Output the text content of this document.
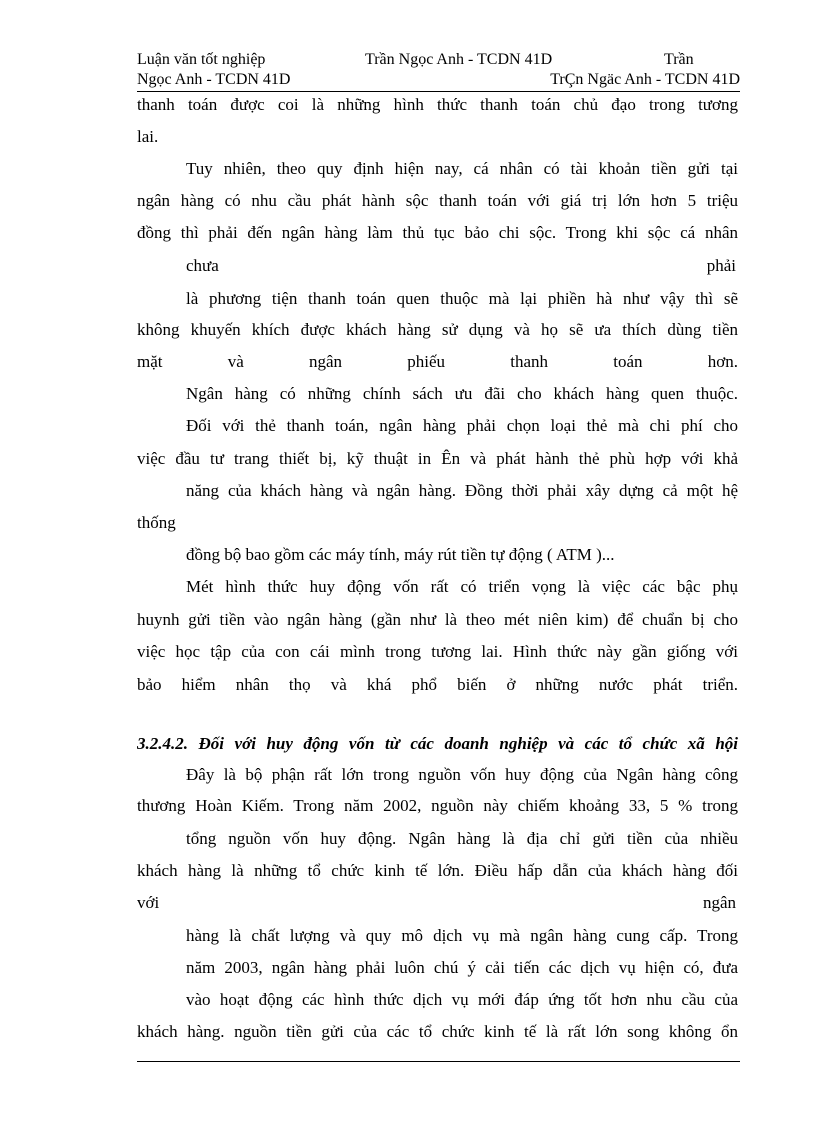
Luận văn tốt nghiệp	Trần Ngọc Anh - TCDN 41D	Trần
Ngọc Anh - TCDN 41D	TrÇn Ngäc Anh - TCDN 41D
thanh toán được coi là những hình thức thanh toán chủ đạo trong tương
lai.
Tuy nhiên, theo quy định hiện nay, cá nhân có tài khoản tiền gửi tại
ngân hàng có nhu cầu phát hành sộc thanh toán với giá trị lớn hơn 5 triệu
đồng thì phải đến ngân hàng làm thủ tục bảo chi sộc. Trong khi sộc cá nhân
chưa	phải
là phương tiện thanh toán quen thuộc mà lại phiền hà như vậy thì sẽ
không khuyến khích được khách hàng sử dụng và họ sẽ ưa thích dùng tiền
mặt và ngân phiếu thanh toán hơn.
Ngân hàng có những chính sách ưu đãi cho khách hàng quen thuộc.
Đối với thẻ thanh toán, ngân hàng phải chọn loại thẻ mà chi phí cho
việc đầu tư trang thiết bị, kỹ thuật in Ên và phát hành thẻ phù hợp với khả
năng của khách hàng và ngân hàng. Đồng thời phải xây dựng cả một hệ
thống
đồng bộ bao gồm các máy tính, máy rút tiền tự động ( ATM )...
Mét hình thức huy động vốn rất có triển vọng là việc các bậc phụ
huynh gửi tiền vào ngân hàng (gần như là theo mét niên kim) để chuẩn bị cho
việc học tập của con cái mình trong tương lai. Hình thức này gần giống với
bảo hiểm nhân thọ và khá phổ biến ở những nước phát triển.
3.2.4.2. Đối với huy động vốn từ các doanh nghiệp và các tổ chức xã hội
Đây là bộ phận rất lớn trong nguồn vốn huy động của Ngân hàng công
thương Hoàn Kiếm. Trong năm 2002, nguồn này chiếm khoảng 33, 5 % trong
tổng nguồn vốn huy động. Ngân hàng là địa chỉ gửi tiền của nhiều
khách hàng là những tổ chức kinh tế lớn. Điều hấp dẫn của khách hàng đối
với	ngân
hàng là chất lượng và quy mô dịch vụ mà ngân hàng cung cấp. Trong
năm 2003, ngân hàng phải luôn chú ý cải tiến các dịch vụ hiện có, đưa
vào hoạt động các hình thức dịch vụ mới đáp ứng tốt hơn nhu cầu của
khách hàng. nguồn tiền gửi của các tổ chức kinh tế là rất lớn song không ổn
